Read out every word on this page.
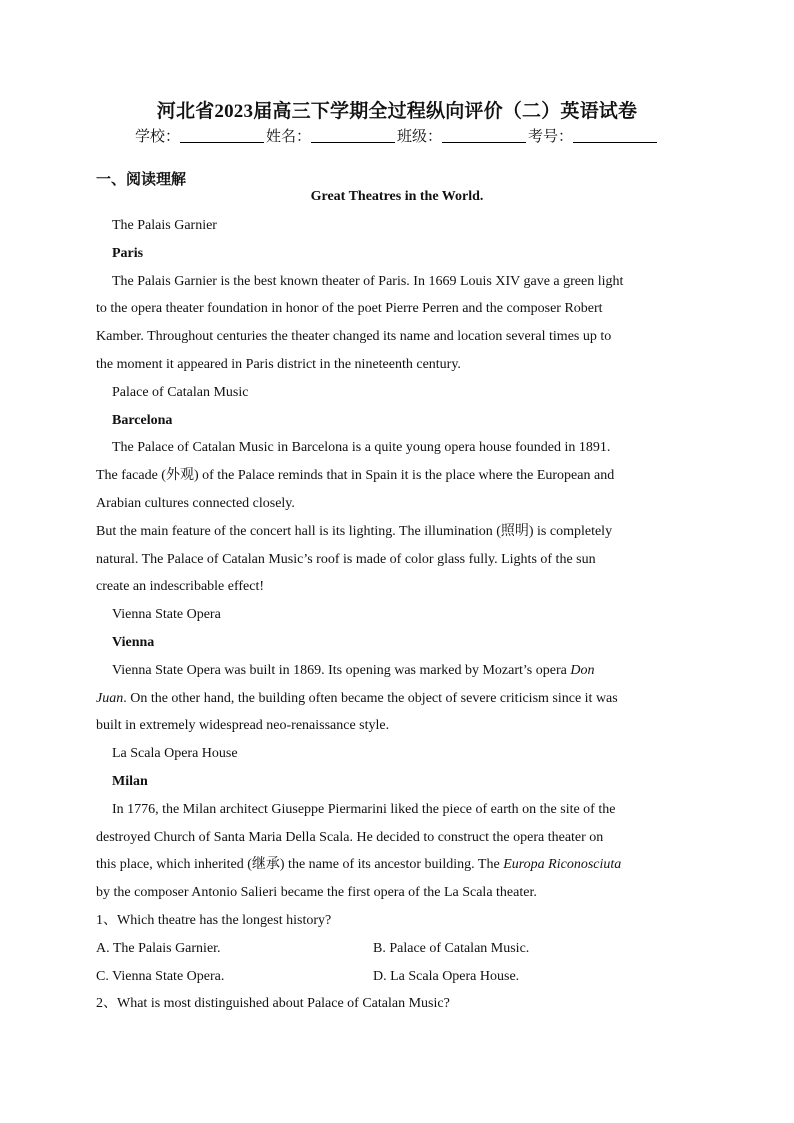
河北省2023届高三下学期全过程纵向评价（二）英语试卷
学校：	姓名：	班级：	考号：
一、阅读理解
Great Theatres in the World.
The Palais Garnier
Paris
The Palais Garnier is the best known theater of Paris. In 1669 Louis XIV gave a green light
to the opera theater foundation in honor of the poet Pierre Perren and the composer Robert
Kamber. Throughout centuries the theater changed its name and location several times up to
the moment it appeared in Paris district in the nineteenth century.
Palace of Catalan Music
Barcelona
The Palace of Catalan Music in Barcelona is a quite young opera house founded in 1891.
The facade (外观) of the Palace reminds that in Spain it is the place where the European and
Arabian cultures connected closely.
But the main feature of the concert hall is its lighting. The illumination (照明) is completely
natural. The Palace of Catalan Music’s roof is made of color glass fully. Lights of the sun
create an indescribable effect!
Vienna State Opera
Vienna
Vienna State Opera was built in 1869. Its opening was marked by Mozart’s opera Don
Juan. On the other hand, the building often became the object of severe criticism since it was
built in extremely widespread neo-renaissance style.
La Scala Opera House
Milan
In 1776, the Milan architect Giuseppe Piermarini liked the piece of earth on the site of the
destroyed Church of Santa Maria Della Scala. He decided to construct the opera theater on
this place, which inherited (继承) the name of its ancestor building. The Europa Riconosciuta
by the composer Antonio Salieri became the first opera of the La Scala theater.
1、Which theatre has the longest history?
A. The Palais Garnier.	B. Palace of Catalan Music.
C. Vienna State Opera.	D. La Scala Opera House.
2、What is most distinguished about Palace of Catalan Music?
